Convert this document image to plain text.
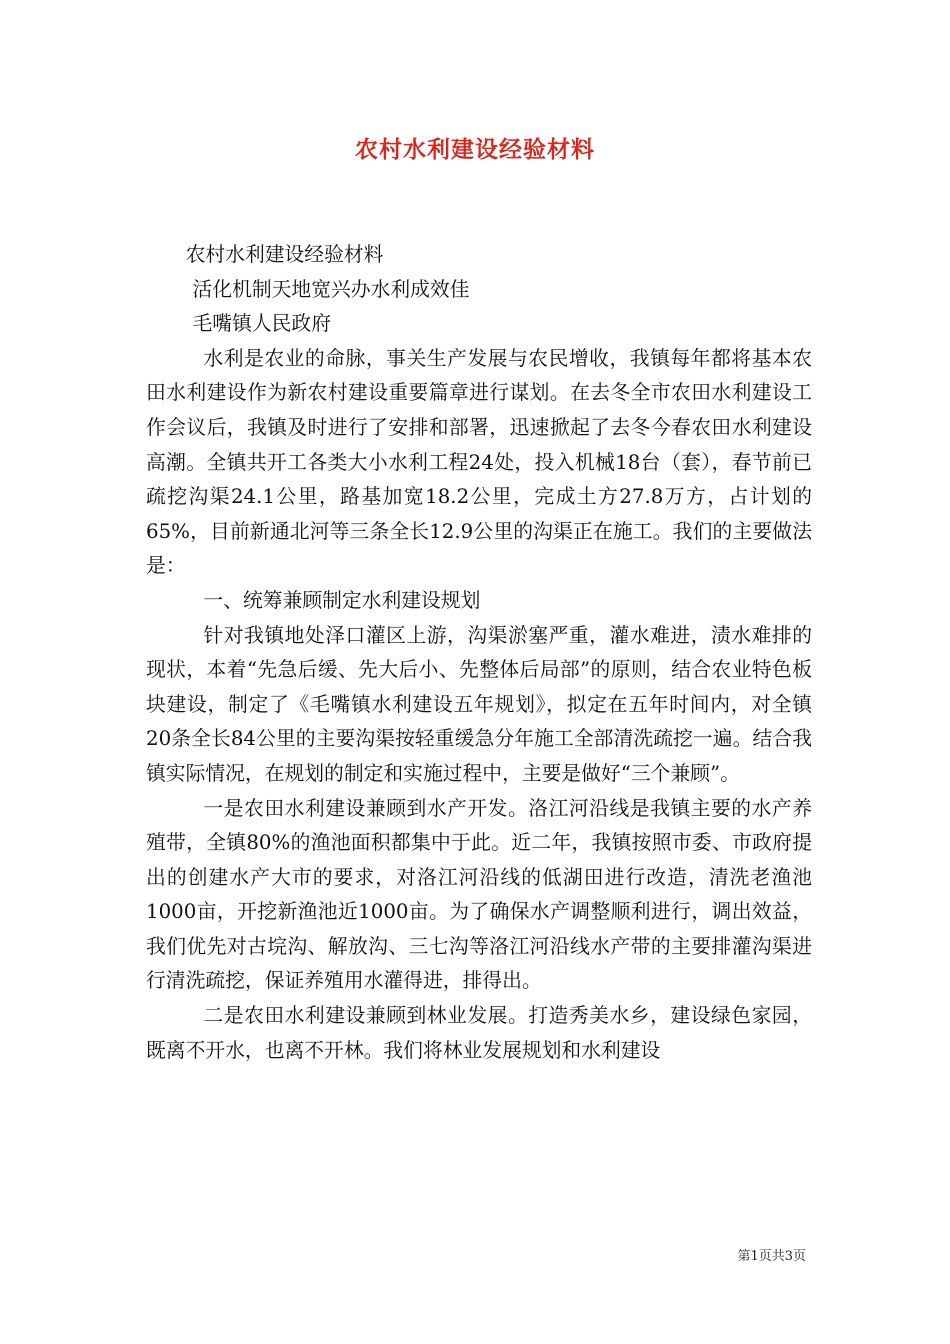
农村水利建设经验材料

农村水利建设经验材料

活化机制天地宽兴办水利成效佳

毛嘴镇人民政府

水利是农业的命脉，事关生产发展与农民增收，我镇每年都将基本农田水利建设作为新农村建设重要篇章进行谋划。在去冬全市农田水利建设工作会议后，我镇及时进行了安排和部署，迅速掀起了去冬今春农田水利建设高潮。全镇共开工各类大小水利工程24处，投入机械18台（套），春节前已疏挖沟渠24.1公里，路基加宽18.2公里，完成土方27.8万方，占计划的65%，目前新通北河等三条全长12.9公里的沟渠正在施工。我们的主要做法是：

一、统筹兼顾制定水利建设规划

针对我镇地处泽口灌区上游，沟渠淤塞严重，灌水难进，渍水难排的现状，本着“先急后缓、先大后小、先整体后局部”的原则，结合农业特色板块建设，制定了《毛嘴镇水利建设五年规划》，拟定在五年时间内，对全镇20条全长84公里的主要沟渠按轻重缓急分年施工全部清洗疏挖一遍。结合我镇实际情况，在规划的制定和实施过程中，主要是做好“三个兼顾”。

一是农田水利建设兼顾到水产开发。洛江河沿线是我镇主要的水产养殖带，全镇80%的渔池面积都集中于此。近二年，我镇按照市委、市政府提出的创建水产大市的要求，对洛江河沿线的低湖田进行改造，清洗老渔池1000亩，开挖新渔池近1000亩。为了确保水产调整顺利进行，调出效益，我们优先对古垸沟、解放沟、三七沟等洛江河沿线水产带的主要排灌沟渠进行清洗疏挖，保证养殖用水灌得进，排得出。

二是农田水利建设兼顾到林业发展。打造秀美水乡，建设绿色家园，既离不开水，也离不开林。我们将林业发展规划和水利建设

第1页共3页
